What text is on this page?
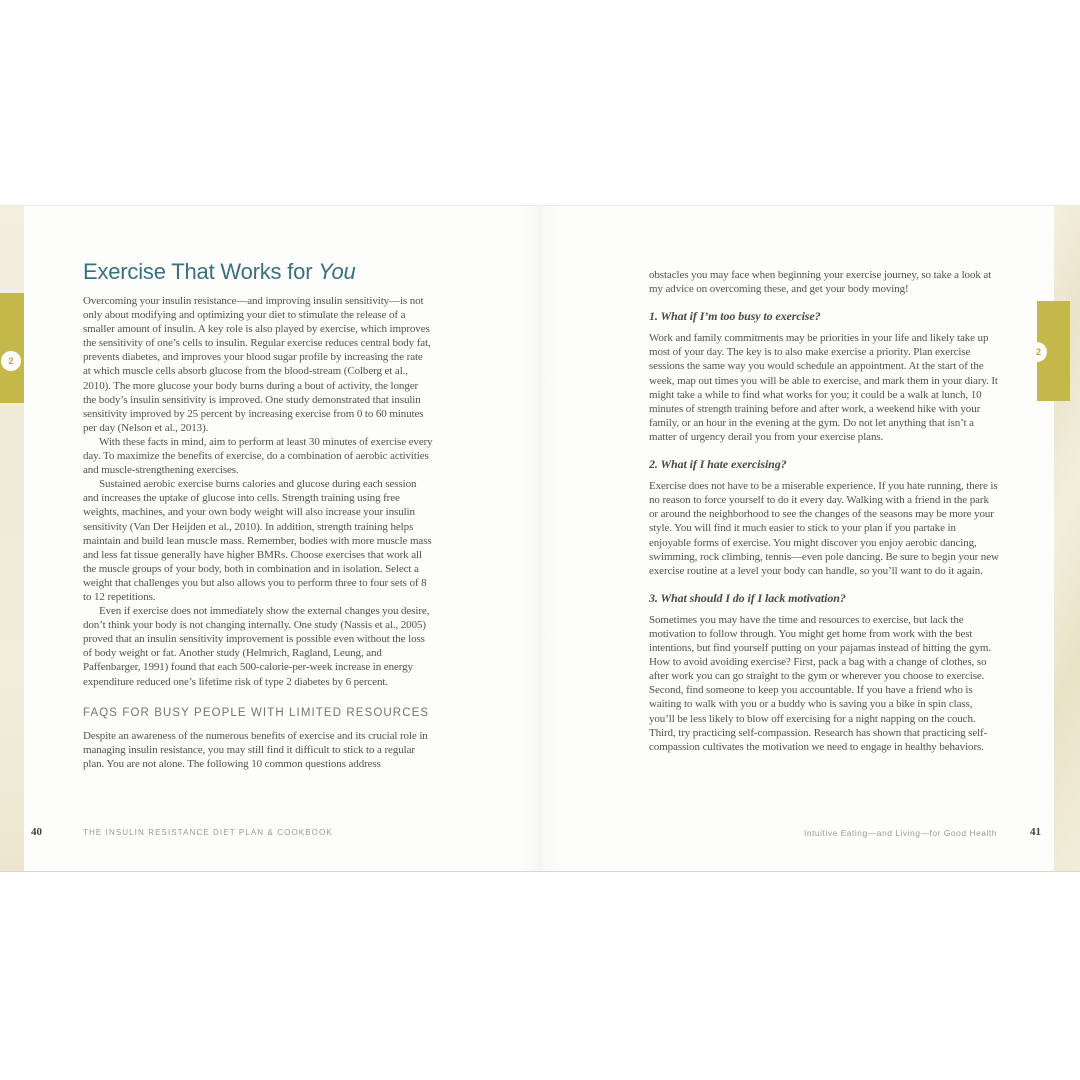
2
2
Exercise That Works for You

Overcoming your insulin resistance—and improving insulin sensitivity—is not only about modifying and optimizing your diet to stimulate the release of a smaller amount of insulin. A key role is also played by exercise, which improves the sensitivity of one’s cells to insulin. Regular exercise reduces central body fat, prevents diabetes, and improves your blood sugar profile by increasing the rate at which muscle cells absorb glucose from the blood-stream (Colberg et al., 2010). The more glucose your body burns during a bout of activity, the longer the body’s insulin sensitivity is improved. One study demonstrated that insulin sensitivity improved by 25 percent by increasing exercise from 0 to 60 minutes per day (Nelson et al., 2013).

With these facts in mind, aim to perform at least 30 minutes of exercise every day. To maximize the benefits of exercise, do a combination of aerobic activities and muscle-strengthening exercises.

Sustained aerobic exercise burns calories and glucose during each session and increases the uptake of glucose into cells. Strength training using free weights, machines, and your own body weight will also increase your insulin sensitivity (Van Der Heijden et al., 2010). In addition, strength training helps maintain and build lean muscle mass. Remember, bodies with more muscle mass and less fat tissue generally have higher BMRs. Choose exercises that work all the muscle groups of your body, both in combination and in isolation. Select a weight that challenges you but also allows you to perform three to four sets of 8 to 12 repetitions.

Even if exercise does not immediately show the external changes you desire, don’t think your body is not changing internally. One study (Nassis et al., 2005) proved that an insulin sensitivity improvement is possible even without the loss of body weight or fat. Another study (Helmrich, Ragland, Leung, and Paffenbarger, 1991) found that each 500-calorie-per-week increase in energy expenditure reduced one’s lifetime risk of type 2 diabetes by 6 percent.

FAQS FOR BUSY PEOPLE WITH LIMITED RESOURCES

Despite an awareness of the numerous benefits of exercise and its crucial role in managing insulin resistance, you may still find it difficult to stick to a regular plan. You are not alone. The following 10 common questions address

obstacles you may face when beginning your exercise journey, so take a look at my advice on overcoming these, and get your body moving!

1. What if I’m too busy to exercise?

Work and family commitments may be priorities in your life and likely take up most of your day. The key is to also make exercise a priority. Plan exercise sessions the same way you would schedule an appointment. At the start of the week, map out times you will be able to exercise, and mark them in your diary. It might take a while to find what works for you; it could be a walk at lunch, 10 minutes of strength training before and after work, a weekend hike with your family, or an hour in the evening at the gym. Do not let anything that isn’t a matter of urgency derail you from your exercise plans.

2. What if I hate exercising?

Exercise does not have to be a miserable experience. If you hate running, there is no reason to force yourself to do it every day. Walking with a friend in the park or around the neighborhood to see the changes of the seasons may be more your style. You will find it much easier to stick to your plan if you partake in enjoyable forms of exercise. You might discover you enjoy aerobic dancing, swimming, rock climbing, tennis—even pole dancing. Be sure to begin your new exercise routine at a level your body can handle, so you’ll want to do it again.

3. What should I do if I lack motivation?

Sometimes you may have the time and resources to exercise, but lack the motivation to follow through. You might get home from work with the best intentions, but find yourself putting on your pajamas instead of hitting the gym. How to avoid avoiding exercise? First, pack a bag with a change of clothes, so after work you can go straight to the gym or wherever you choose to exercise. Second, find someone to keep you accountable. If you have a friend who is waiting to walk with you or a buddy who is saving you a bike in spin class, you’ll be less likely to blow off exercising for a night napping on the couch. Third, try practicing self-compassion. Research has shown that practicing self-compassion cultivates the motivation we need to engage in healthy behaviors.

40	THE INSULIN RESISTANCE DIET PLAN & COOKBOOK	Intuitive Eating—and Living—for Good Health	41
